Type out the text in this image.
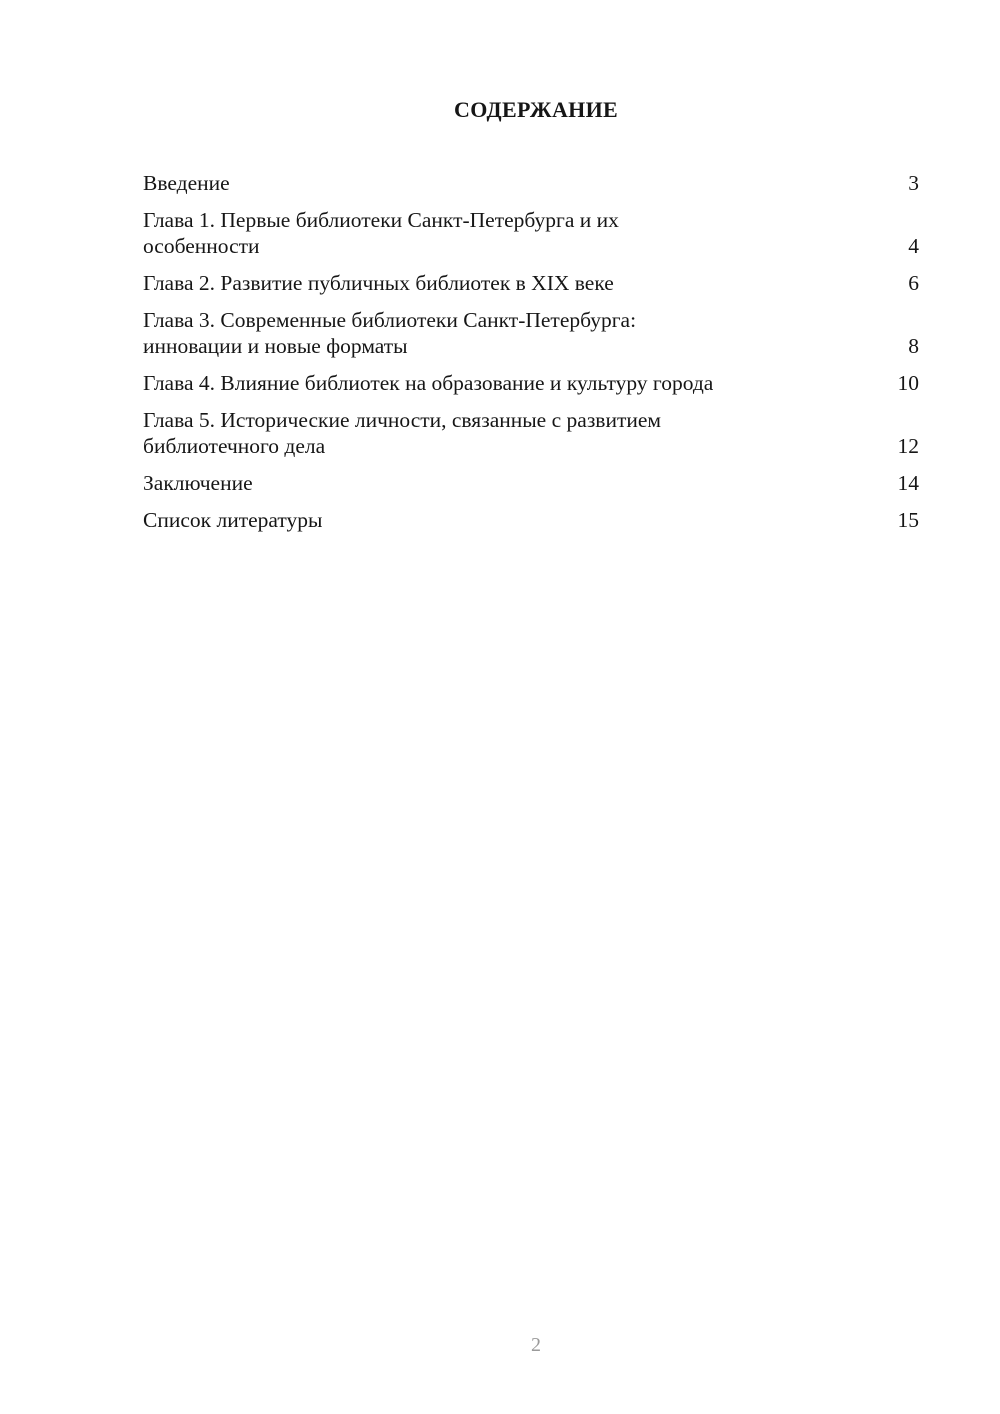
СОДЕРЖАНИЕ
Введение	3
Глава 1. Первые библиотеки Санкт-Петербурга и их
особенности	4
Глава 2. Развитие публичных библиотек в XIX веке	6
Глава 3. Современные библиотеки Санкт-Петербурга:
инновации и новые форматы	8
Глава 4. Влияние библиотек на образование и культуру города	10
Глава 5. Исторические личности, связанные с развитием
библиотечного дела	12
Заключение	14
Список литературы	15
2
